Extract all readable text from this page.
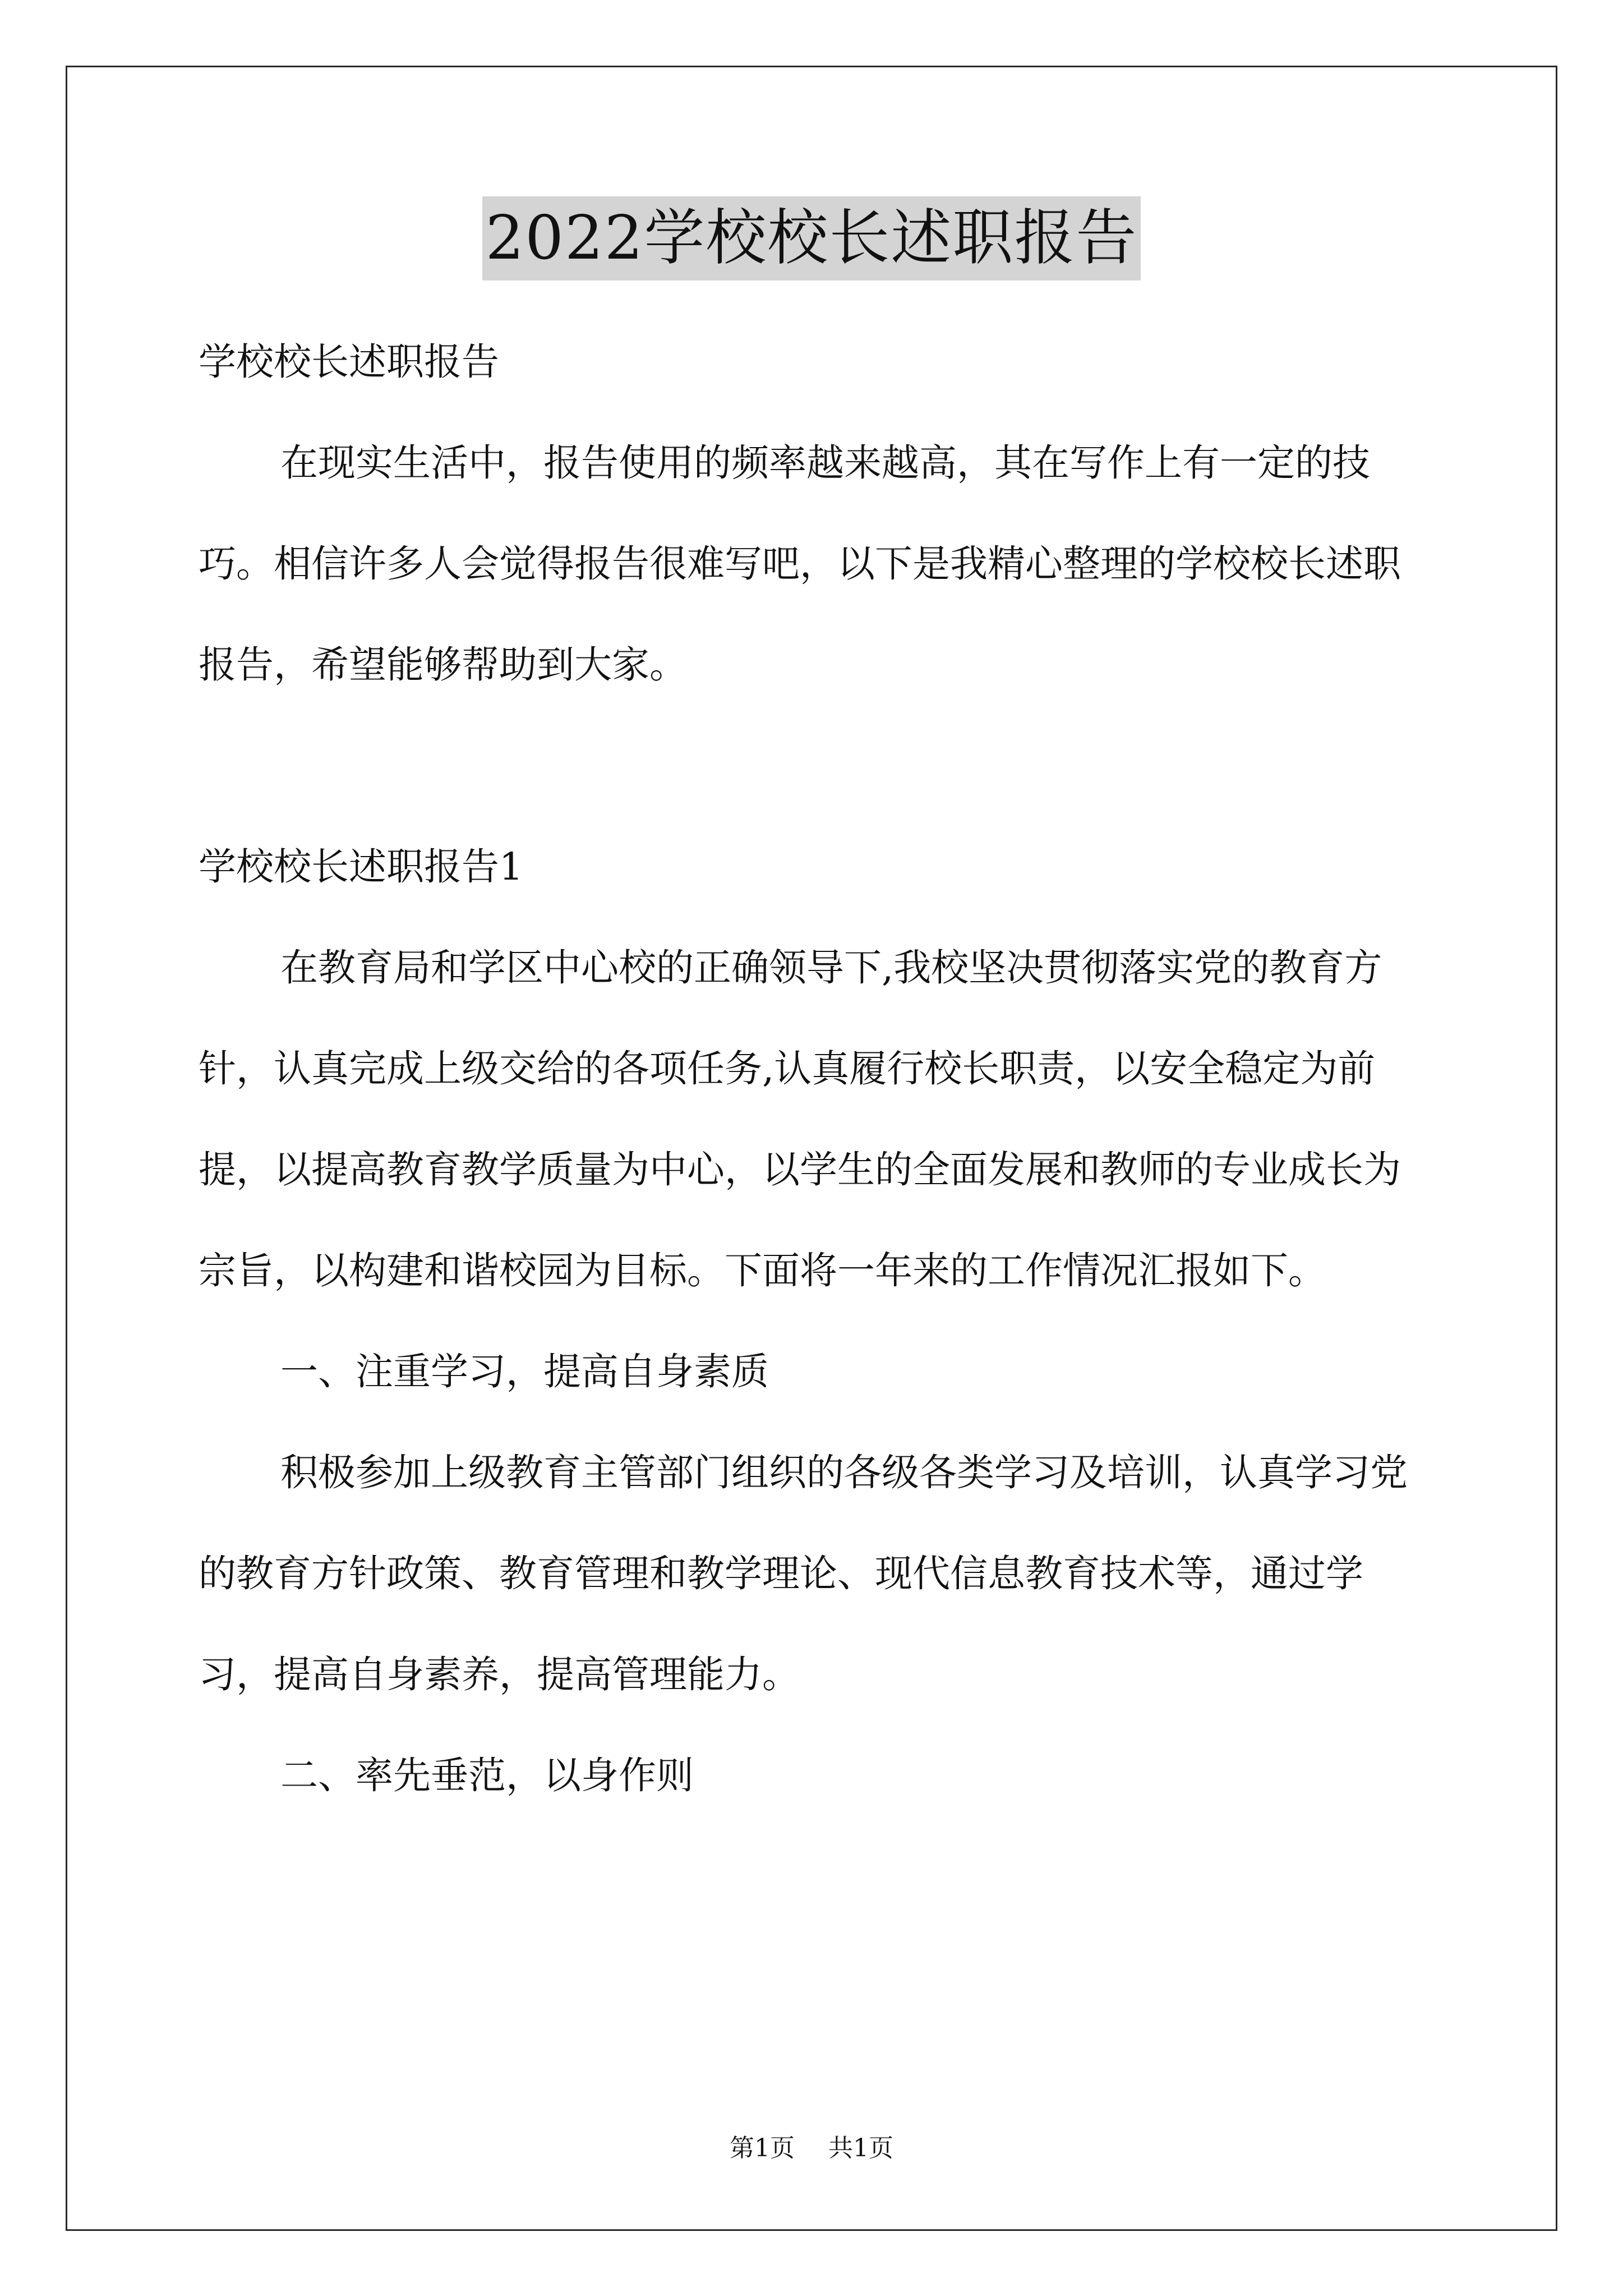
2022学校校长述职报告

学校校长述职报告

在现实生活中，报告使用的频率越来越高，其在写作上有一定的技巧。相信许多人会觉得报告很难写吧，以下是我精心整理的学校校长述职报告，希望能够帮助到大家。

学校校长述职报告1

在教育局和学区中心校的正确领导下,我校坚决贯彻落实党的教育方针，认真完成上级交给的各项任务,认真履行校长职责，以安全稳定为前提，以提高教育教学质量为中心，以学生的全面发展和教师的专业成长为宗旨，以构建和谐校园为目标。下面将一年来的工作情况汇报如下。

一、注重学习，提高自身素质

积极参加上级教育主管部门组织的各级各类学习及培训，认真学习党的教育方针政策、教育管理和教学理论、现代信息教育技术等，通过学习，提高自身素养，提高管理能力。

二、率先垂范，以身作则

第1页 共1页
